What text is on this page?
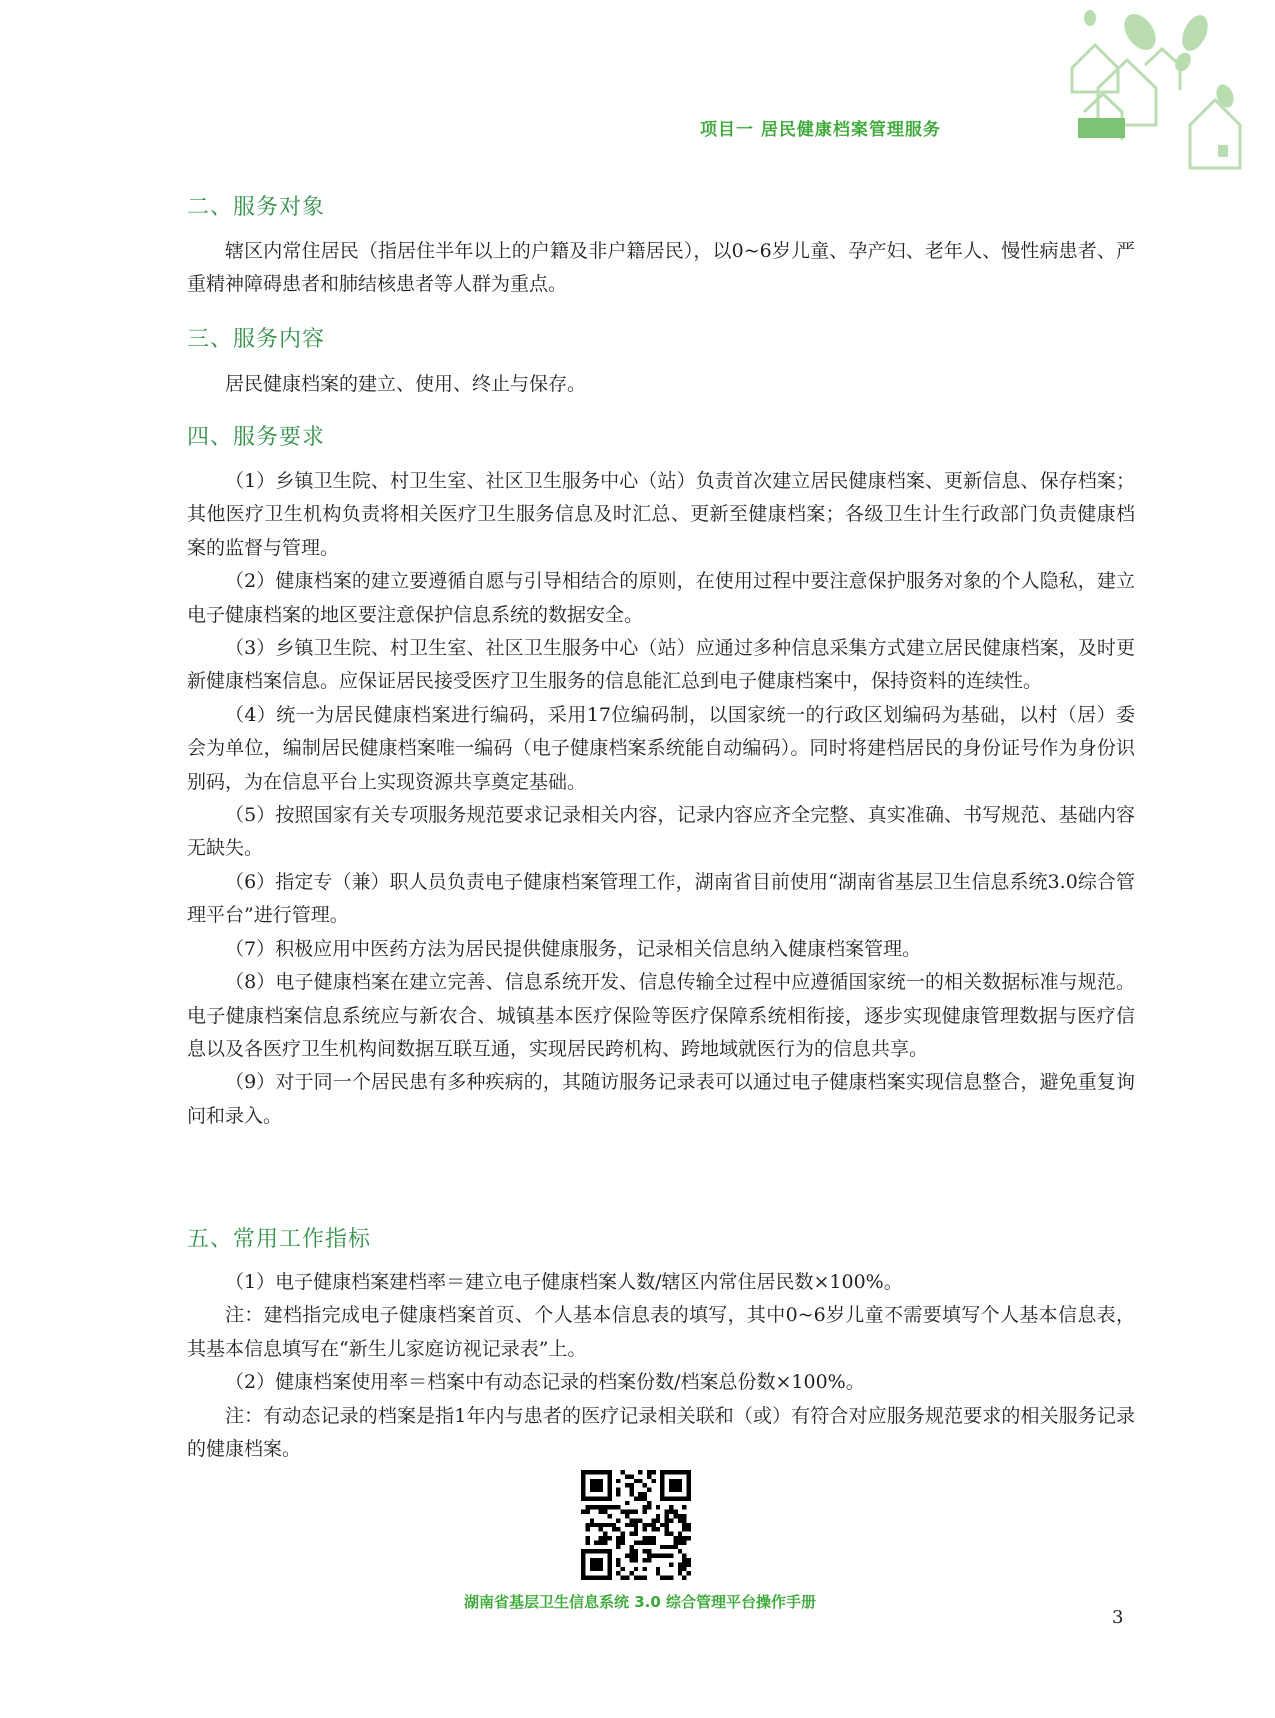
项目一 居民健康档案管理服务
二、服务对象

辖区内常住居民（指居住半年以上的户籍及非户籍居民），以0~6岁儿童、孕产妇、老年人、慢性病患者、严重精神障碍患者和肺结核患者等人群为重点。

三、服务内容

居民健康档案的建立、使用、终止与保存。

四、服务要求

（1）乡镇卫生院、村卫生室、社区卫生服务中心（站）负责首次建立居民健康档案、更新信息、保存档案；其他医疗卫生机构负责将相关医疗卫生服务信息及时汇总、更新至健康档案；各级卫生计生行政部门负责健康档案的监督与管理。

（2）健康档案的建立要遵循自愿与引导相结合的原则，在使用过程中要注意保护服务对象的个人隐私，建立电子健康档案的地区要注意保护信息系统的数据安全。

（3）乡镇卫生院、村卫生室、社区卫生服务中心（站）应通过多种信息采集方式建立居民健康档案，及时更新健康档案信息。应保证居民接受医疗卫生服务的信息能汇总到电子健康档案中，保持资料的连续性。

（4）统一为居民健康档案进行编码，采用17位编码制，以国家统一的行政区划编码为基础，以村（居）委会为单位，编制居民健康档案唯一编码（电子健康档案系统能自动编码）。同时将建档居民的身份证号作为身份识别码，为在信息平台上实现资源共享奠定基础。

（5）按照国家有关专项服务规范要求记录相关内容，记录内容应齐全完整、真实准确、书写规范、基础内容无缺失。

（6）指定专（兼）职人员负责电子健康档案管理工作，湖南省目前使用“湖南省基层卫生信息系统3.0综合管理平台”进行管理。

（7）积极应用中医药方法为居民提供健康服务，记录相关信息纳入健康档案管理。

（8）电子健康档案在建立完善、信息系统开发、信息传输全过程中应遵循国家统一的相关数据标准与规范。电子健康档案信息系统应与新农合、城镇基本医疗保险等医疗保障系统相衔接，逐步实现健康管理数据与医疗信息以及各医疗卫生机构间数据互联互通，实现居民跨机构、跨地域就医行为的信息共享。

（9）对于同一个居民患有多种疾病的，其随访服务记录表可以通过电子健康档案实现信息整合，避免重复询问和录入。

五、常用工作指标

（1）电子健康档案建档率＝建立电子健康档案人数/辖区内常住居民数×100%。

注：建档指完成电子健康档案首页、个人基本信息表的填写，其中0~6岁儿童不需要填写个人基本信息表，其基本信息填写在“新生儿家庭访视记录表”上。

（2）健康档案使用率＝档案中有动态记录的档案份数/档案总份数×100%。

注：有动态记录的档案是指1年内与患者的医疗记录相关联和（或）有符合对应服务规范要求的相关服务记录的健康档案。

湖南省基层卫生信息系统 3.0 综合管理平台操作手册
3
